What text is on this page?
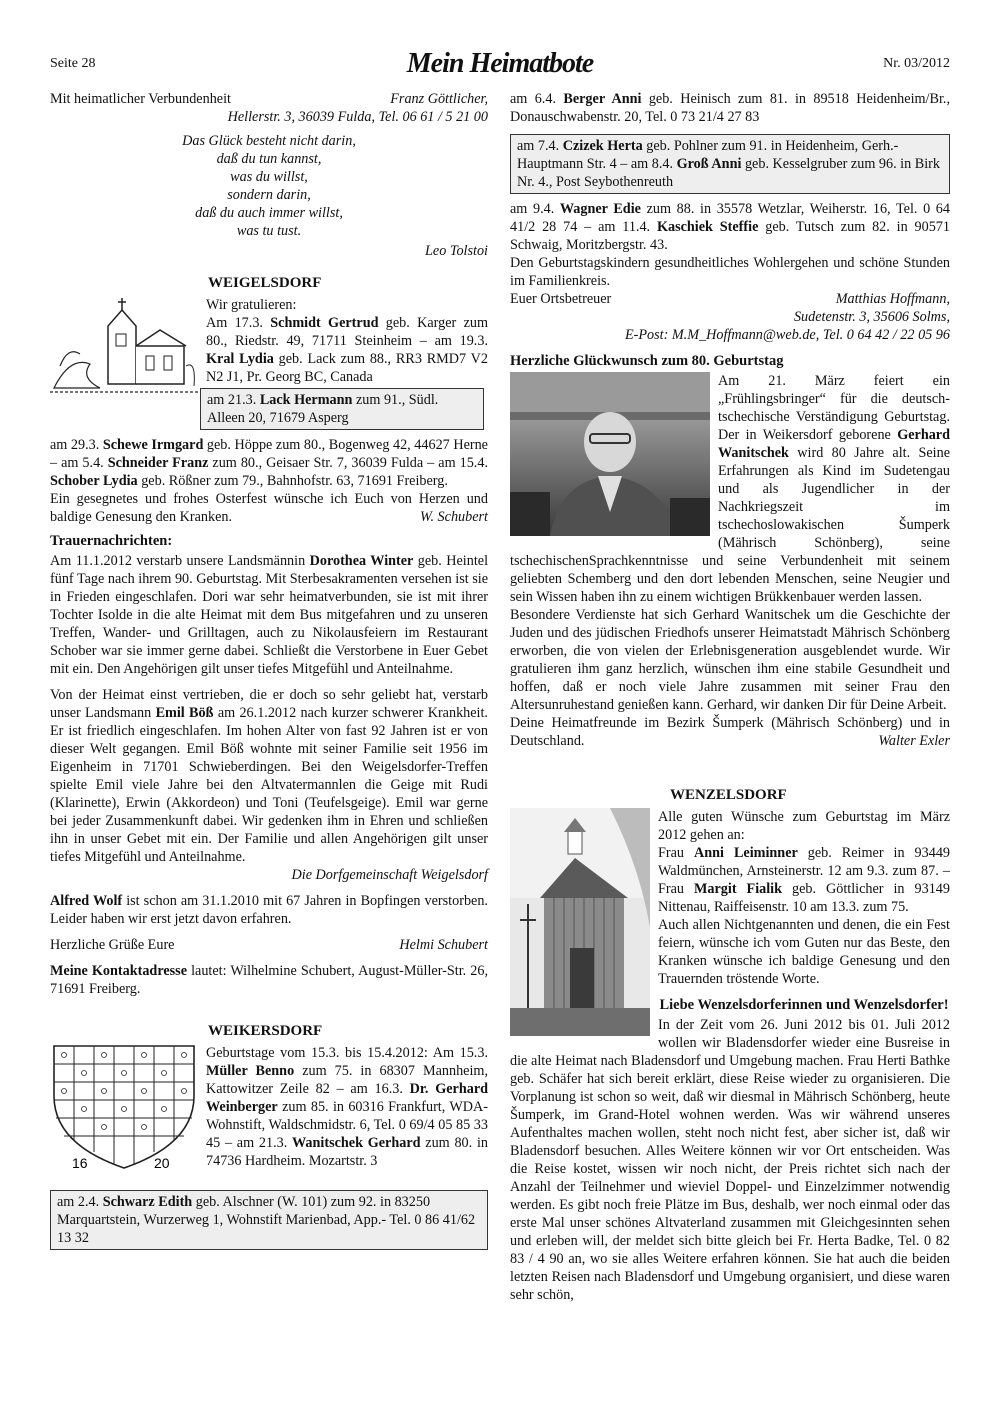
Seite 28	Mein Heimatbote	Nr. 03/2012
Mit heimatlicher Verbundenheit	Franz Göttlicher,
Hellerstr. 3, 36039 Fulda, Tel. 06 61 / 5 21 00
Das Glück besteht nicht darin,
daß du tun kannst,
was du willst,
sondern darin,
daß du auch immer willst,
was tu tust.
Leo Tolstoi
WEIGELSDORF
Wir gratulieren:

Am 17.3. Schmidt Gertrud geb. Karger zum 80., Riedstr. 49, 71711 Steinheim – am 19.3. Kral Lydia geb. Lack zum 88., RR3 RMD7 V2 N2 J1, Pr. Georg BC, Canada

am 21.3. Lack Hermann zum 91., Südl. Alleen 20, 71679 Asperg

am 29.3. Schewe Irmgard geb. Höppe zum 80., Bogenweg 42, 44627 Herne – am 5.4. Schneider Franz zum 80., Geisaer Str. 7, 36039 Fulda – am 15.4. Schober Lydia geb. Rößner zum 79., Bahnhofstr. 63, 71691 Freiberg.

Ein gesegnetes und frohes Osterfest wünsche ich Euch von Herzen und baldige Genesung den Kranken.	W. Schubert

Trauernachrichten:

Am 11.1.2012 verstarb unsere Landsmännin Dorothea Winter geb. Heintel fünf Tage nach ihrem 90. Geburtstag. Mit Sterbesakramenten versehen ist sie in Frieden eingeschlafen. Dori war sehr heimatverbunden, sie ist mit ihrer Tochter Isolde in die alte Heimat mit dem Bus mitgefahren und zu unseren Treffen, Wander- und Grilltagen, auch zu Nikolausfeiern im Restaurant Schober war sie immer gerne dabei. Schließt die Verstorbene in Euer Gebet mit ein. Den Angehörigen gilt unser tiefes Mitgefühl und Anteilnahme.

Von der Heimat einst vertrieben, die er doch so sehr geliebt hat, verstarb unser Landsmann Emil Böß am 26.1.2012 nach kurzer schwerer Krankheit. Er ist friedlich eingeschlafen. Im hohen Alter von fast 92 Jahren ist er von dieser Welt gegangen. Emil Böß wohnte mit seiner Familie seit 1956 im Eigenheim in 71701 Schwieberdingen. Bei den Weigelsdorfer-Treffen spielte Emil viele Jahre bei den Altvatermannlen die Geige mit Rudi (Klarinette), Erwin (Akkordeon) und Toni (Teufelsgeige). Emil war gerne bei jeder Zusammenkunft dabei. Wir gedenken ihm in Ehren und schließen ihn in unser Gebet mit ein. Der Familie und allen Angehörigen gilt unser tiefes Mitgefühl und Anteilnahme.

Die Dorfgemeinschaft Weigelsdorf

Alfred Wolf ist schon am 31.1.2010 mit 67 Jahren in Bopfingen verstorben. Leider haben wir erst jetzt davon erfahren.

Herzliche Grüße Eure	Helmi Schubert

Meine Kontaktadresse lautet: Wilhelmine Schubert, August-Müller-Str. 26, 71691 Freiberg.

WEIKERSDORF
16	20

Geburtstage vom 15.3. bis 15.4.2012: Am 15.3. Müller Benno zum 75. in 68307 Mannheim, Kattowitzer Zeile 82 – am 16.3. Dr. Gerhard Weinberger zum 85. in 60316 Frankfurt, WDA-Wohnstift, Waldschmidstr. 6, Tel. 0 69/4 05 85 33 45 – am 21.3. Wanitschek Gerhard zum 80. in 74736 Hardheim. Mozartstr. 3

am 2.4. Schwarz Edith geb. Alschner (W. 101) zum 92. in 83250 Marquartstein, Wurzerweg 1, Wohnstift Marienbad, App.- Tel. 0 86 41/62 13 32

am 6.4. Berger Anni geb. Heinisch zum 81. in 89518 Heidenheim/Br., Donauschwabenstr. 20, Tel. 0 73 21/4 27 83

am 7.4. Czizek Herta geb. Pohlner zum 91. in Heidenheim, Gerh.-Hauptmann Str. 4 – am 8.4. Groß Anni geb. Kesselgruber zum 96. in Birk Nr. 4., Post Seybothenreuth

am 9.4. Wagner Edie zum 88. in 35578 Wetzlar, Weiherstr. 16, Tel. 0 64 41/2 28 74 – am 11.4. Kaschiek Steffie geb. Tutsch zum 82. in 90571 Schwaig, Moritzbergstr. 43.

Den Geburtstagskindern gesundheitliches Wohlergehen und schöne Stunden im Familienkreis.

Euer Ortsbetreuer	Matthias Hoffmann,
Sudetenstr. 3, 35606 Solms,
E-Post: M.M_Hoffmann@web.de, Tel. 0 64 42 / 22 05 96
Herzliche Glückwunsch zum 80. Geburtstag

Am 21. März feiert ein „Frühlingsbringer“ für die deutsch-tschechische Verständigung Geburtstag. Der in Weikersdorf geborene Gerhard Wanitschek wird 80 Jahre alt. Seine Erfahrungen als Kind im Sudetengau und als Jugendlicher in der Nachkriegszeit im tschechoslowakischen Šumperk (Mährisch Schönberg), seine tschechischenSprachkenntnisse und seine Verbundenheit mit seinem geliebten Schemberg und den dort lebenden Menschen, seine Neugier und sein Wissen haben ihn zu einem wichtigen Brükkenbauer werden lassen.

Besondere Verdienste hat sich Gerhard Wanitschek um die Geschichte der Juden und des jüdischen Friedhofs unserer Heimatstadt Mährisch Schönberg erworben, die von vielen der Erlebnisgeneration ausgeblendet wurde. Wir gratulieren ihm ganz herzlich, wünschen ihm eine stabile Gesundheit und hoffen, daß er noch viele Jahre zusammen mit seiner Frau den Altersunruhestand genießen kann. Gerhard, wir danken Dir für Deine Arbeit.

Deine Heimatfreunde im Bezirk Šumperk (Mährisch Schönberg) und in Deutschland.	Walter Exler

WENZELSDORF

Alle guten Wünsche zum Geburtstag im März 2012 gehen an:

Frau Anni Leiminner geb. Reimer in 93449 Waldmünchen, Arnsteinerstr. 12 am 9.3. zum 87. – Frau Margit Fialik geb. Göttlicher in 93149 Nittenau, Raiffeisenstr. 10 am 13.3. zum 75.

Auch allen Nichtgenannten und denen, die ein Fest feiern, wünsche ich vom Guten nur das Beste, den Kranken wünsche ich baldige Genesung und den Trauernden tröstende Worte.

Liebe Wenzelsdorferinnen und Wenzelsdorfer!

In der Zeit vom 26. Juni 2012 bis 01. Juli 2012 wollen wir Bladensdorfer wieder eine Busreise in die alte Heimat nach Bladensdorf und Umgebung machen. Frau Herti Bathke geb. Schäfer hat sich bereit erklärt, diese Reise wieder zu organisieren. Die Vorplanung ist schon so weit, daß wir diesmal in Mährisch Schönberg, heute Šumperk, im Grand-Hotel wohnen werden. Was wir während unseres Aufenthaltes machen wollen, steht noch nicht fest, aber sicher ist, daß wir Bladensdorf besuchen. Alles Weitere können wir vor Ort entscheiden. Was die Reise kostet, wissen wir noch nicht, der Preis richtet sich nach der Anzahl der Teilnehmer und wieviel Doppel- und Einzelzimmer notwendig werden. Es gibt noch freie Plätze im Bus, deshalb, wer noch einmal oder das erste Mal unser schönes Altvaterland zusammen mit Gleichgesinnten sehen und erleben will, der meldet sich bitte gleich bei Fr. Herta Badke, Tel. 0 82 83 / 4 90 an, wo sie alles Weitere erfahren können. Sie hat auch die beiden letzten Reisen nach Bladensdorf und Umgebung organisiert, und diese waren sehr schön,
